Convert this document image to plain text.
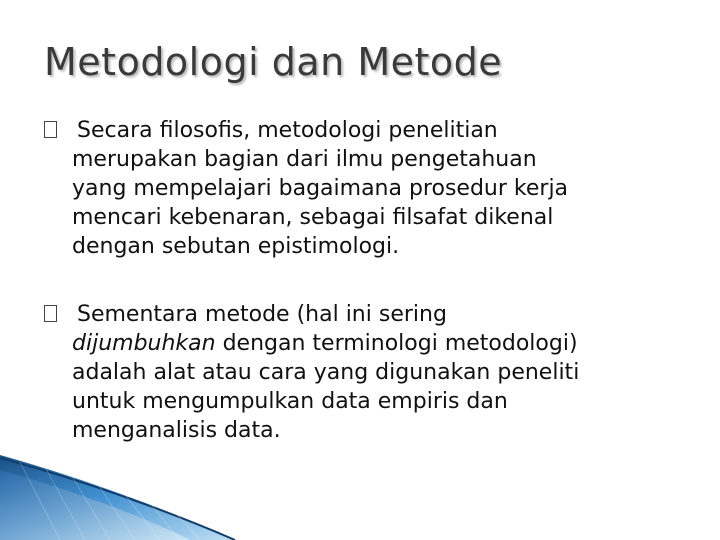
Metodologi dan Metode
Secara filosofis, metodologi penelitian
merupakan bagian dari ilmu pengetahuan
yang mempelajari bagaimana prosedur kerja
mencari kebenaran, sebagai filsafat dikenal
dengan sebutan epistimologi.
Sementara metode (hal ini sering
dijumbuhkan dengan terminologi metodologi)
adalah alat atau cara yang digunakan peneliti
untuk mengumpulkan data empiris dan
menganalisis data.
